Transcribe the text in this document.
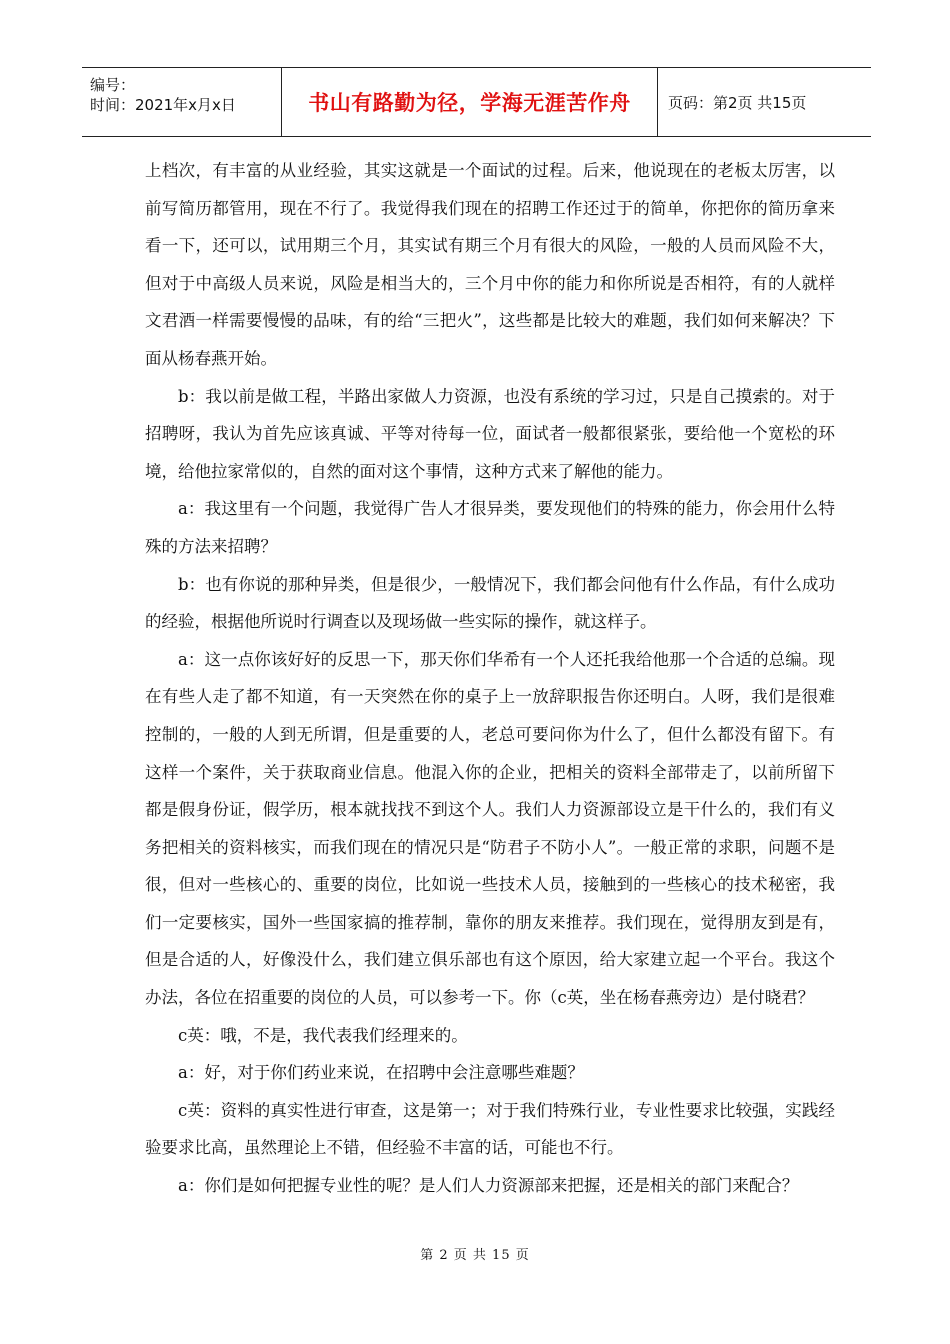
编号：
时间：2021年x月x日	书山有路勤为径，学海无涯苦作舟 页码：第2页 共15页

上档次，有丰富的从业经验，其实这就是一个面试的过程。后来，他说现在的老板太厉害，以前写简历都管用，现在不行了。我觉得我们现在的招聘工作还过于的简单，你把你的简历拿来看一下，还可以，试用期三个月，其实试有期三个月有很大的风险，一般的人员而风险不大，但对于中高级人员来说，风险是相当大的，三个月中你的能力和你所说是否相符，有的人就样文君酒一样需要慢慢的品味，有的给“三把火”，这些都是比较大的难题，我们如何来解决？下面从杨春燕开始。

b：我以前是做工程，半路出家做人力资源，也没有系统的学习过，只是自己摸索的。对于招聘呀，我认为首先应该真诚、平等对待每一位，面试者一般都很紧张，要给他一个宽松的环境，给他拉家常似的，自然的面对这个事情，这种方式来了解他的能力。

a：我这里有一个问题，我觉得广告人才很异类，要发现他们的特殊的能力，你会用什么特殊的方法来招聘？

b：也有你说的那种异类，但是很少，一般情况下，我们都会问他有什么作品，有什么成功的经验，根据他所说时行调查以及现场做一些实际的操作，就这样子。

a：这一点你该好好的反思一下，那天你们华希有一个人还托我给他那一个合适的总编。现在有些人走了都不知道，有一天突然在你的桌子上一放辞职报告你还明白。人呀，我们是很难控制的，一般的人到无所谓，但是重要的人，老总可要问你为什么了，但什么都没有留下。有这样一个案件，关于获取商业信息。他混入你的企业，把相关的资料全部带走了，以前所留下都是假身份证，假学历，根本就找找不到这个人。我们人力资源部设立是干什么的，我们有义务把相关的资料核实，而我们现在的情况只是“防君子不防小人”。一般正常的求职，问题不是很，但对一些核心的、重要的岗位，比如说一些技术人员，接触到的一些核心的技术秘密，我们一定要核实，国外一些国家搞的推荐制，靠你的朋友来推荐。我们现在，觉得朋友到是有，但是合适的人，好像没什么，我们建立俱乐部也有这个原因，给大家建立起一个平台。我这个办法，各位在招重要的岗位的人员，可以参考一下。你（c英，坐在杨春燕旁边）是付晓君？

c英：哦，不是，我代表我们经理来的。

a：好，对于你们药业来说，在招聘中会注意哪些难题？

c英：资料的真实性进行审查，这是第一；对于我们特殊行业，专业性要求比较强，实践经验要求比高，虽然理论上不错，但经验不丰富的话，可能也不行。

a：你们是如何把握专业性的呢？是人们人力资源部来把握，还是相关的部门来配合？

第 2 页 共 15 页
